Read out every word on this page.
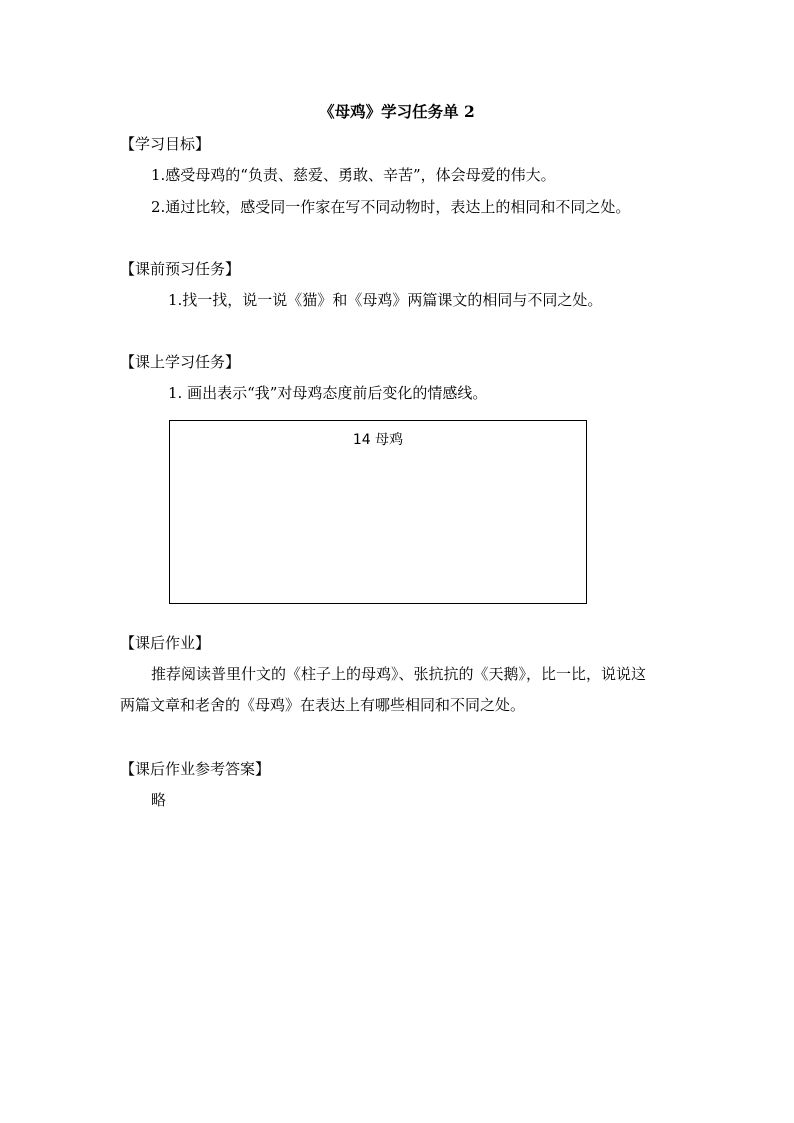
《母鸡》学习任务单 2
【学习目标】
1.感受母鸡的“负责、慈爱、勇敢、辛苦”，体会母爱的伟大。
2.通过比较，感受同一作家在写不同动物时，表达上的相同和不同之处。
【课前预习任务】
1.找一找，说一说《猫》和《母鸡》两篇课文的相同与不同之处。
【课上学习任务】
1. 画出表示“我”对母鸡态度前后变化的情感线。
14 母鸡
【课后作业】
推荐阅读普里什文的《柱子上的母鸡》、张抗抗的《天鹅》，比一比，说说这
两篇文章和老舍的《母鸡》在表达上有哪些相同和不同之处。
【课后作业参考答案】
略
